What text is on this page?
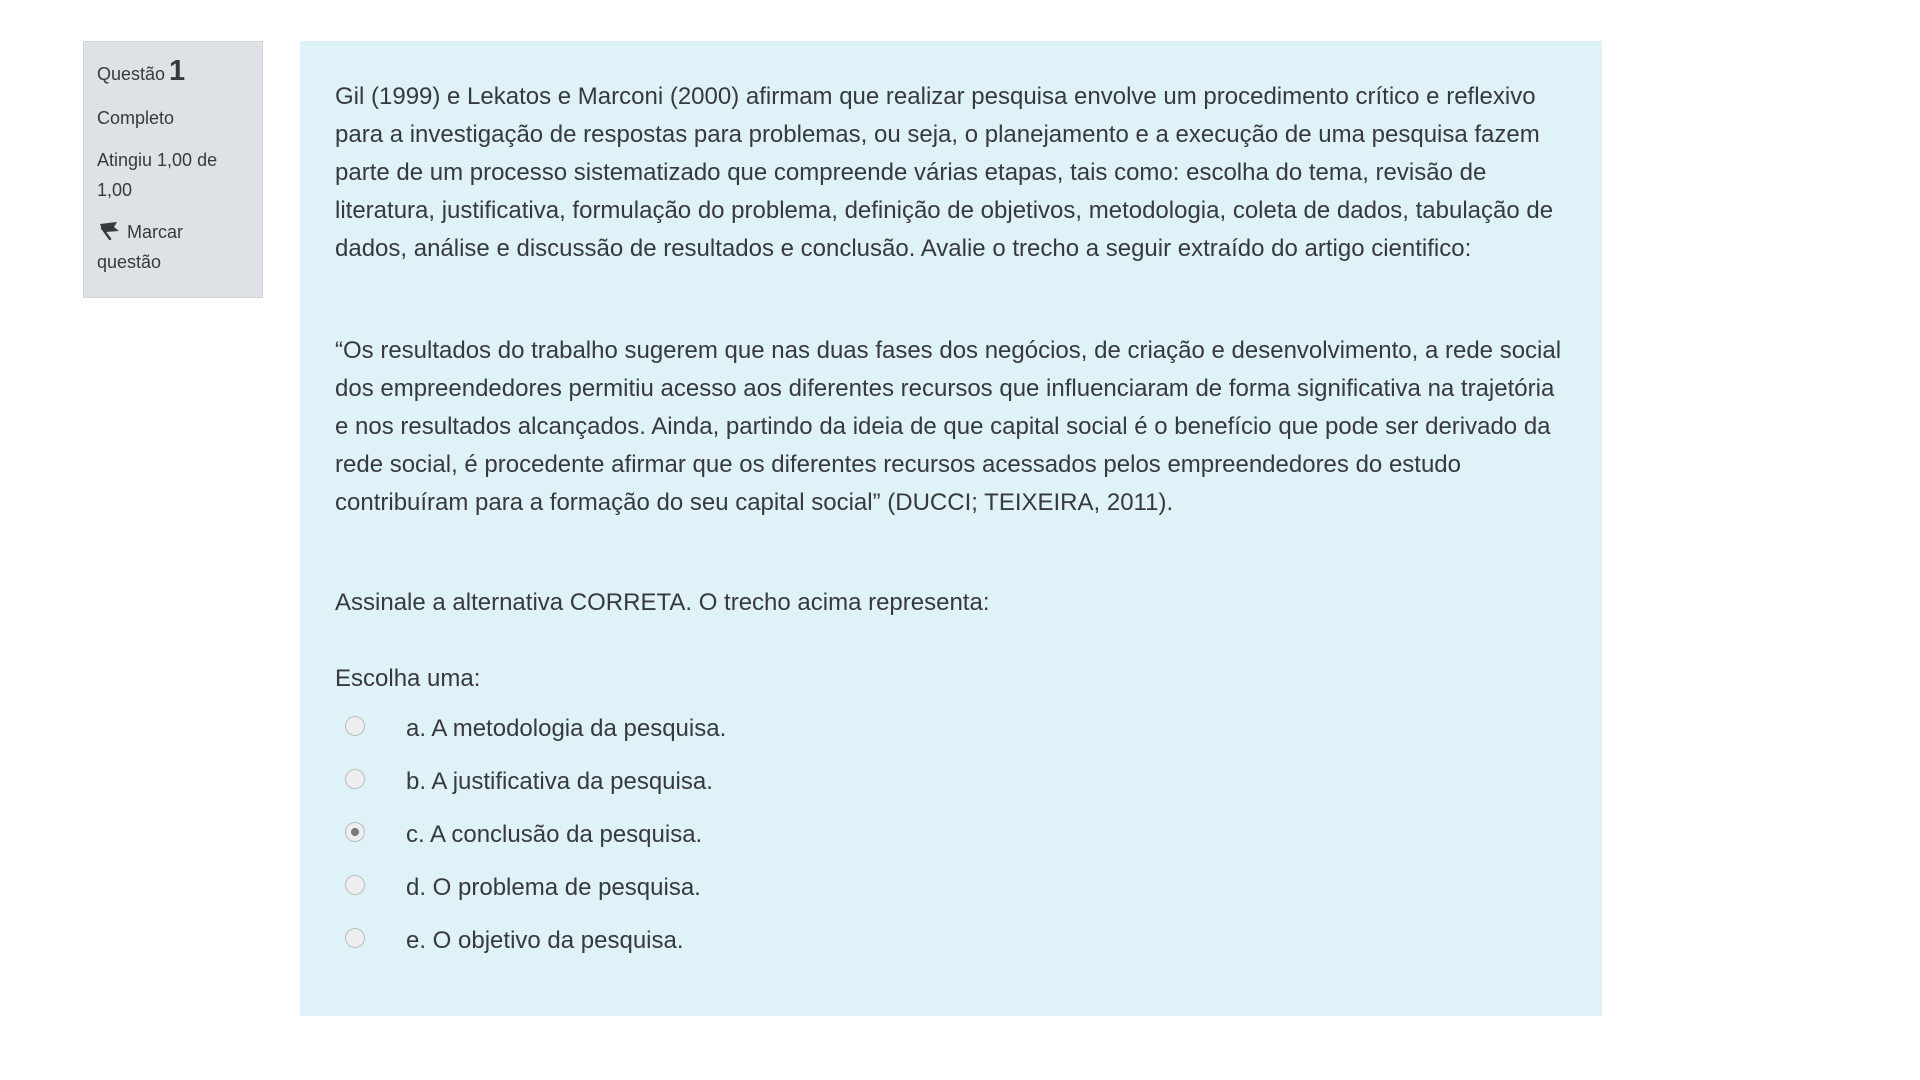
Questão 1
Completo
Atingiu 1,00 de 1,00
Marcar questão

Gil (1999) e Lekatos e Marconi (2000) afirmam que realizar pesquisa envolve um procedimento crítico e reflexivo para a investigação de respostas para problemas, ou seja, o planejamento e a execução de uma pesquisa fazem parte de um processo sistematizado que compreende várias etapas, tais como: escolha do tema, revisão de literatura, justificativa, formulação do problema, definição de objetivos, metodologia, coleta de dados, tabulação de dados, análise e discussão de resultados e conclusão. Avalie o trecho a seguir extraído do artigo cientifico:

“Os resultados do trabalho sugerem que nas duas fases dos negócios, de criação e desenvolvimento, a rede social dos empreendedores permitiu acesso aos diferentes recursos que influenciaram de forma significativa na trajetória e nos resultados alcançados. Ainda, partindo da ideia de que capital social é o benefício que pode ser derivado da rede social, é procedente afirmar que os diferentes recursos acessados pelos empreendedores do estudo contribuíram para a formação do seu capital social” (DUCCI; TEIXEIRA, 2011).

Assinale a alternativa CORRETA. O trecho acima representa:
Escolha uma:
a. A metodologia da pesquisa.
b. A justificativa da pesquisa.
c. A conclusão da pesquisa.
d. O problema de pesquisa.
e. O objetivo da pesquisa.
